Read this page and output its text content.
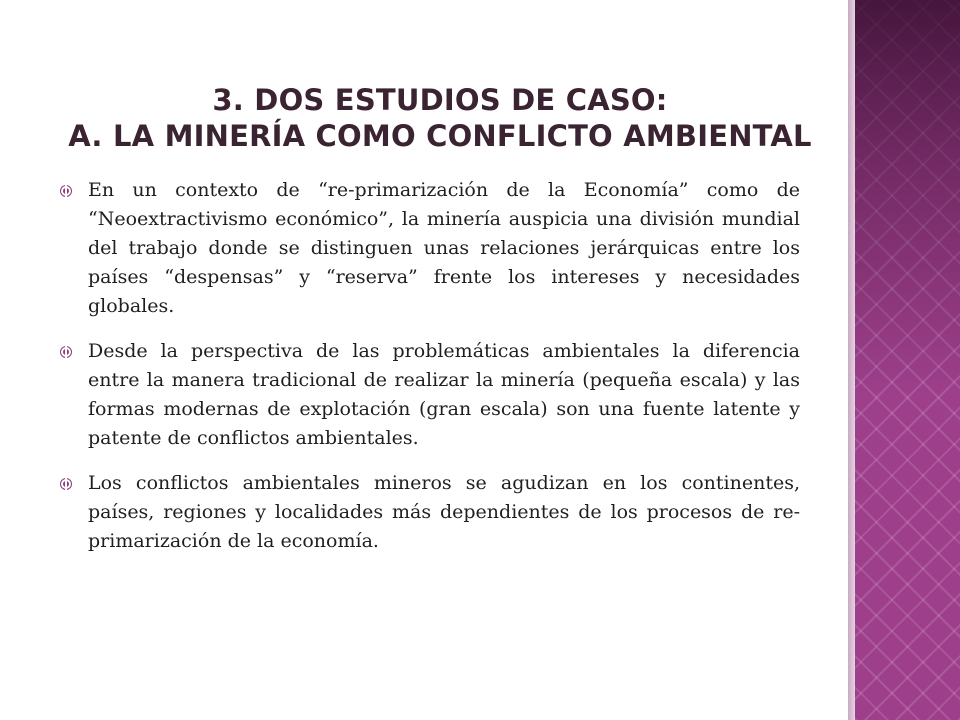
3. DOS ESTUDIOS DE CASO:
A. LA MINERÍA COMO CONFLICTO AMBIENTAL
En un contexto de “re-primarización de la Economía” como de “Neoextractivismo económico”, la minería auspicia una división mundial del trabajo donde se distinguen unas relaciones jerárquicas entre los países “despensas” y “reserva” frente los intereses y necesidades globales.
Desde la perspectiva de las problemáticas ambientales la diferencia entre la manera tradicional de realizar la minería (pequeña escala) y las formas modernas de explotación (gran escala) son una fuente latente y patente de conflictos ambientales.
Los conflictos ambientales mineros se agudizan en los continentes, países, regiones y localidades más dependientes de los procesos de re- primarización de la economía.
